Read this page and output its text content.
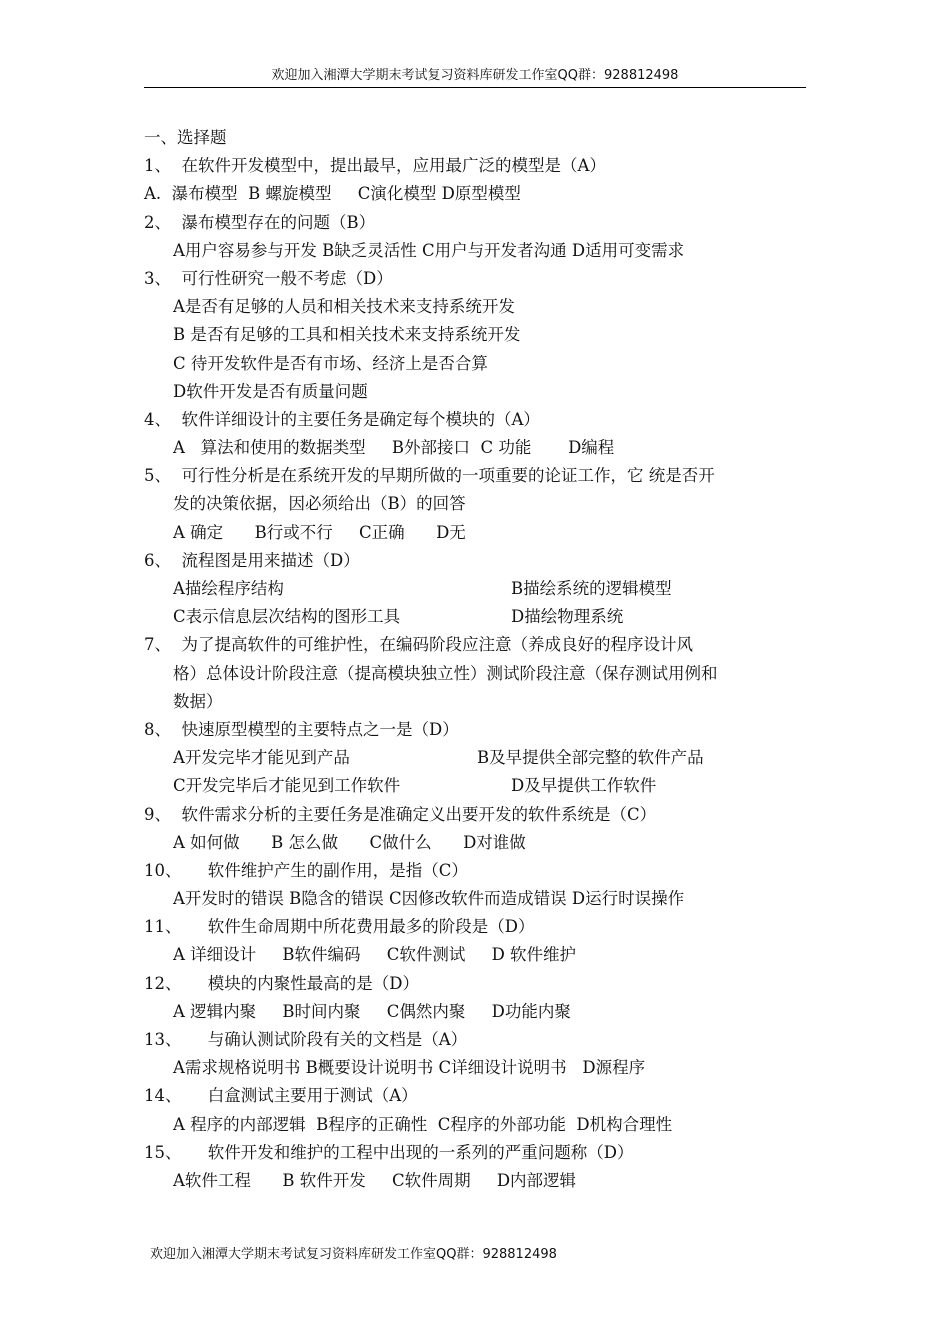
欢迎加入湘潭大学期末考试复习资料库研发工作室QQ群：928812498
一、选择题
1、  在软件开发模型中，提出最早，应用最广泛的模型是（A）
A.  瀑布模型  B 螺旋模型     C演化模型 D原型模型
2、  瀑布模型存在的问题（B）
A用户容易参与开发 B缺乏灵活性 C用户与开发者沟通 D适用可变需求
3、  可行性研究一般不考虑（D）
A是否有足够的人员和相关技术来支持系统开发
B 是否有足够的工具和相关技术来支持系统开发
C 待开发软件是否有市场、经济上是否合算
D软件开发是否有质量问题
4、  软件详细设计的主要任务是确定每个模块的（A）
A   算法和使用的数据类型     B外部接口  C 功能       D编程
5、  可行性分析是在系统开发的早期所做的一项重要的论证工作，它 统是否开
发的决策依据，因必须给出（B）的回答
A 确定      B行或不行     C正确      D无
6、  流程图是用来描述（D）

A描绘程序结构

	B描绘系统的逻辑模型

C表示信息层次结构的图形工具

	D描绘物理系统

7、  为了提高软件的可维护性，在编码阶段应注意（养成良好的程序设计风
格）总体设计阶段注意（提高模块独立性）测试阶段注意（保存测试用例和
数据）
8、  快速原型模型的主要特点之一是（D）

A开发完毕才能见到产品

	B及早提供全部完整的软件产品

C开发完毕后才能见到工作软件

	D及早提供工作软件

9、  软件需求分析的主要任务是准确定义出要开发的软件系统是（C）
A 如何做      B 怎么做      C做什么      D对谁做
10、     软件维护产生的副作用，是指（C）
A开发时的错误 B隐含的错误 C因修改软件而造成错误 D运行时误操作
11、     软件生命周期中所花费用最多的阶段是（D）
A 详细设计     B软件编码     C软件测试     D 软件维护
12、     模块的内聚性最高的是（D）
A 逻辑内聚     B时间内聚     C偶然内聚     D功能内聚
13、     与确认测试阶段有关的文档是（A）
A需求规格说明书 B概要设计说明书 C详细设计说明书   D源程序
14、     白盒测试主要用于测试（A）
A 程序的内部逻辑  B程序的正确性  C程序的外部功能  D机构合理性
15、     软件开发和维护的工程中出现的一系列的严重问题称（D）
A软件工程      B 软件开发     C软件周期     D内部逻辑
欢迎加入湘潭大学期末考试复习资料库研发工作室QQ群：928812498
